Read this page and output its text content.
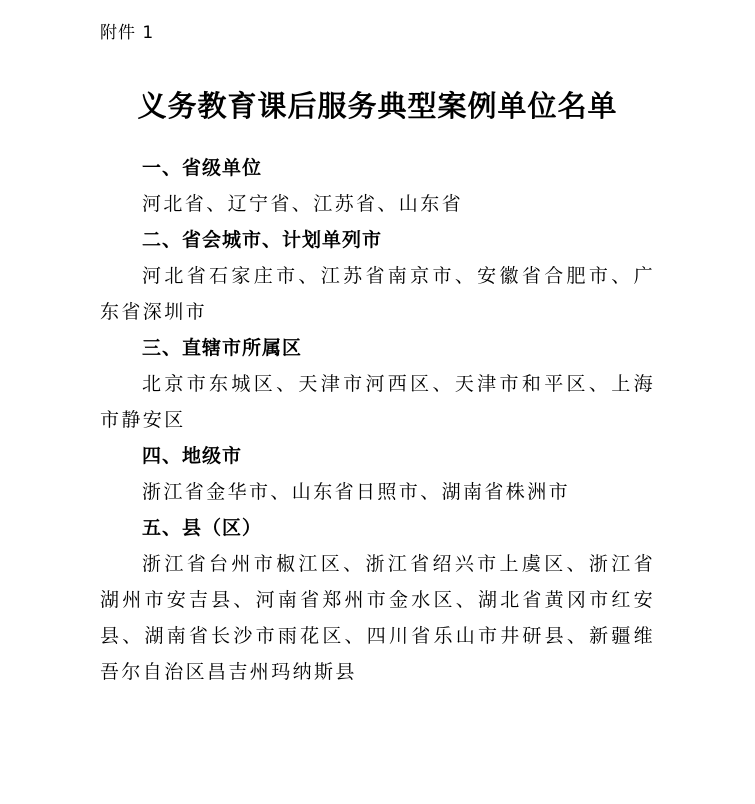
附件 1
义务教育课后服务典型案例单位名单
一、省级单位
河北省、辽宁省、江苏省、山东省
二、省会城市、计划单列市
河北省石家庄市、江苏省南京市、安徽省合肥市、广东省深圳市
三、直辖市所属区
北京市东城区、天津市河西区、天津市和平区、上海市静安区
四、地级市
浙江省金华市、山东省日照市、湖南省株洲市
五、县（区）
浙江省台州市椒江区、浙江省绍兴市上虞区、浙江省湖州市安吉县、河南省郑州市金水区、湖北省黄冈市红安县、湖南省长沙市雨花区、四川省乐山市井研县、新疆维吾尔自治区昌吉州玛纳斯县
